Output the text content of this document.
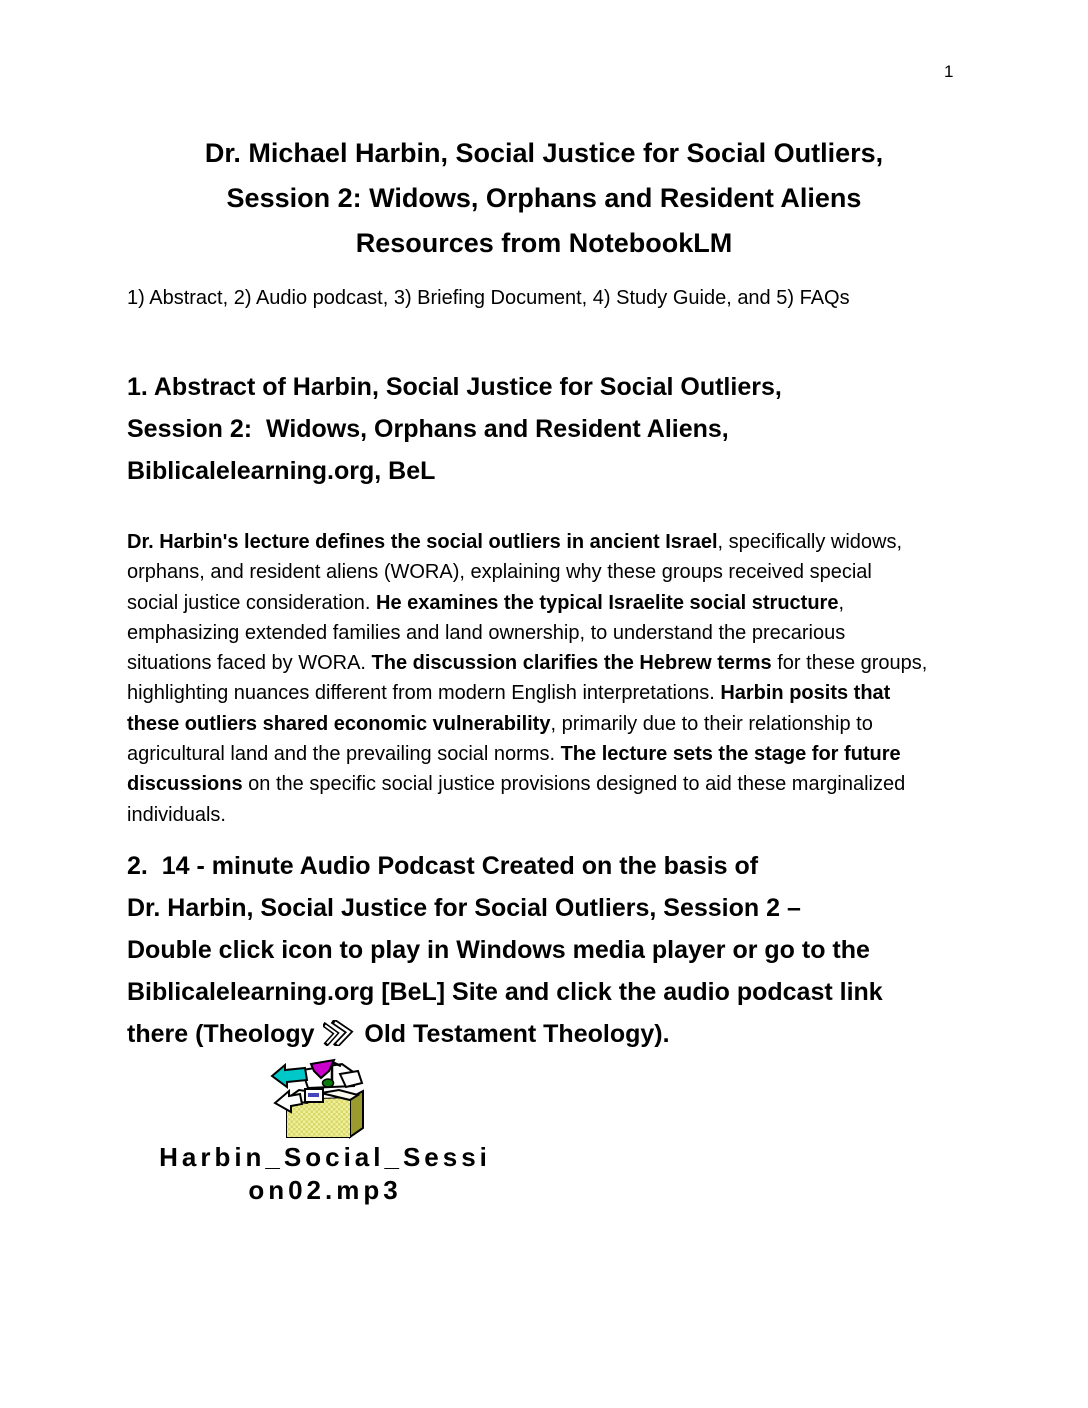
1
Dr. Michael Harbin, Social Justice for Social Outliers,
Session 2: Widows, Orphans and Resident Aliens
Resources from NotebookLM
1) Abstract, 2) Audio podcast, 3) Briefing Document, 4) Study Guide, and 5) FAQs
1. Abstract of Harbin, Social Justice for Social Outliers,
Session 2:  Widows, Orphans and Resident Aliens,
Biblicalelearning.org, BeL
Dr. Harbin's lecture defines the social outliers in ancient Israel, specifically widows,
orphans, and resident aliens (WORA), explaining why these groups received special
social justice consideration. He examines the typical Israelite social structure,
emphasizing extended families and land ownership, to understand the precarious
situations faced by WORA. The discussion clarifies the Hebrew terms for these groups,
highlighting nuances different from modern English interpretations. Harbin posits that
these outliers shared economic vulnerability, primarily due to their relationship to
agricultural land and the prevailing social norms. The lecture sets the stage for future
discussions on the specific social justice provisions designed to aid these marginalized
individuals.
2.  14 - minute Audio Podcast Created on the basis of
Dr. Harbin, Social Justice for Social Outliers, Session 2 –
Double click icon to play in Windows media player or go to the
Biblicalelearning.org [BeL] Site and click the audio podcast link
there (Theology  Old Testament Theology).
Harbin_Social_Sessi
on02.mp3
